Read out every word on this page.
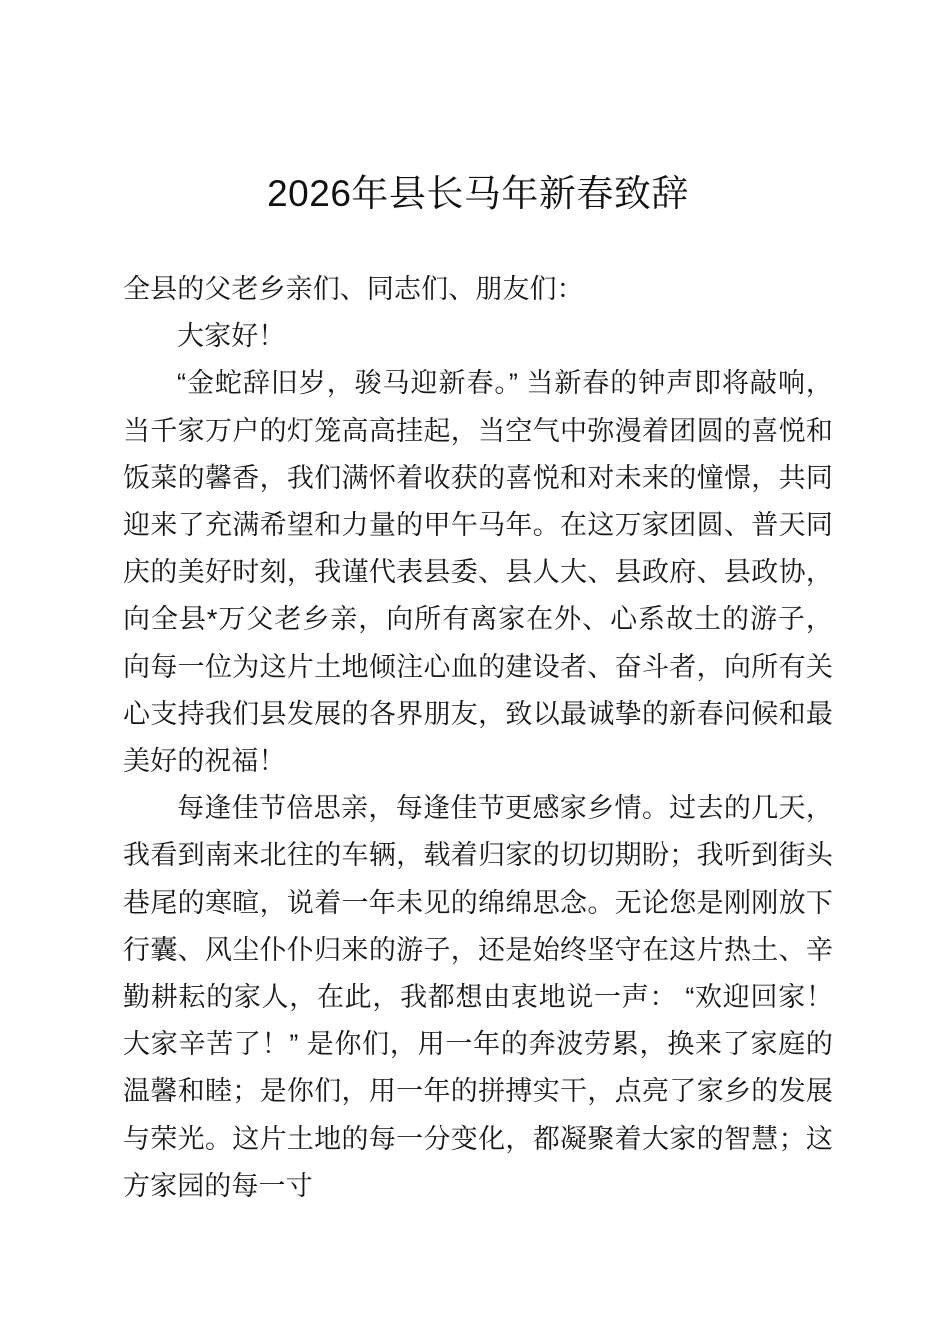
2026年县长马年新春致辞

全县的父老乡亲们、同志们、朋友们：

大家好！

“金蛇辞旧岁，骏马迎新春。” 当新春的钟声即将敲响，当千家万户的灯笼高高挂起，当空气中弥漫着团圆的喜悦和饭菜的馨香，我们满怀着收获的喜悦和对未来的憧憬，共同迎来了充满希望和力量的甲午马年。在这万家团圆、普天同庆的美好时刻，我谨代表县委、县人大、县政府、县政协，向全县*万父老乡亲，向所有离家在外、心系故土的游子，向每一位为这片土地倾注心血的建设者、奋斗者，向所有关心支持我们县发展的各界朋友，致以最诚挚的新春问候和最美好的祝福！

每逢佳节倍思亲，每逢佳节更感家乡情。过去的几天，我看到南来北往的车辆，载着归家的切切期盼；我听到街头巷尾的寒暄，说着一年未见的绵绵思念。无论您是刚刚放下行囊、风尘仆仆归来的游子，还是始终坚守在这片热土、辛勤耕耘的家人，在此，我都想由衷地说一声： “欢迎回家！大家辛苦了！” 是你们，用一年的奔波劳累，换来了家庭的温馨和睦；是你们，用一年的拼搏实干，点亮了家乡的发展与荣光。这片土地的每一分变化，都凝聚着大家的智慧；这方家园的每一寸
